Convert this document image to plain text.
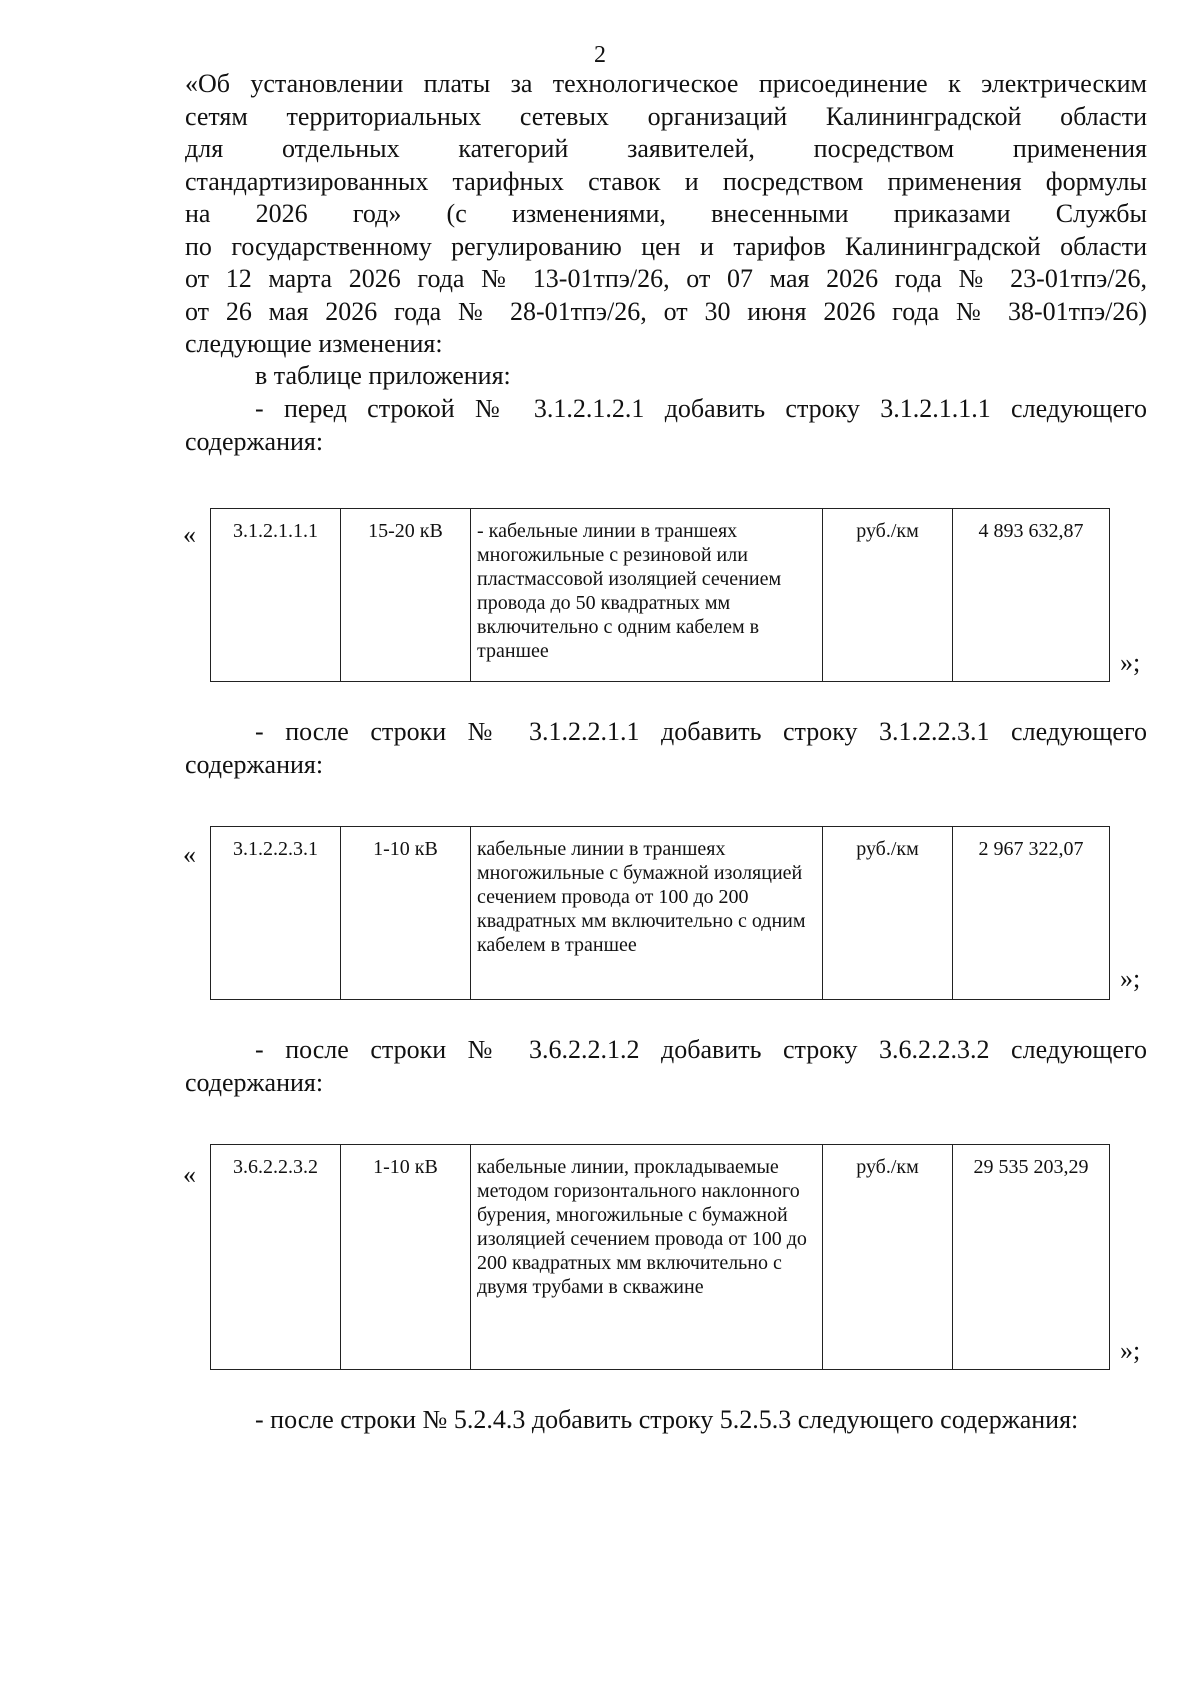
2
«Об установлении платы за технологическое присоединение к электрическим
сетям территориальных сетевых организаций Калининградской области
для отдельных категорий заявителей, посредством применения
стандартизированных тарифных ставок и посредством применения формулы
на 2026 год» (с изменениями, внесенными приказами Службы
по государственному регулированию цен и тарифов Калининградской области
от 12 марта 2026 года № 13-01тпэ/26, от 07 мая 2026 года № 23-01тпэ/26,
от 26 мая 2026 года № 28-01тпэ/26, от 30 июня 2026 года № 38-01тпэ/26)
следующие изменения:
в таблице приложения:
- перед строкой № 3.1.2.1.2.1 добавить строку 3.1.2.1.1.1 следующего
содержания:
« 3.1.2.1.1.1	15-20 кВ	- кабельные линии в траншеях многожильные с резиновой или пластмассовой изоляцией сечением провода до 50 квадратных мм включительно с одним кабелем в траншее	руб./км	4 893 632,87
»;
- после строки № 3.1.2.2.1.1 добавить строку 3.1.2.2.3.1 следующего
содержания:
« 3.1.2.2.3.1	1-10 кВ	кабельные линии в траншеях многожильные с бумажной изоляцией сечением провода от 100 до 200 квадратных мм включительно с одним кабелем в траншее	руб./км	2 967 322,07
»;
- после строки № 3.6.2.2.1.2 добавить строку 3.6.2.2.3.2 следующего
содержания:
« 3.6.2.2.3.2	1-10 кВ	кабельные линии, прокладываемые методом горизонтального наклонного бурения, многожильные с бумажной изоляцией сечением провода от 100 до 200 квадратных мм включительно с двумя трубами в скважине	руб./км	29 535 203,29
»;
- после строки № 5.2.4.3 добавить строку 5.2.5.3 следующего содержания:
